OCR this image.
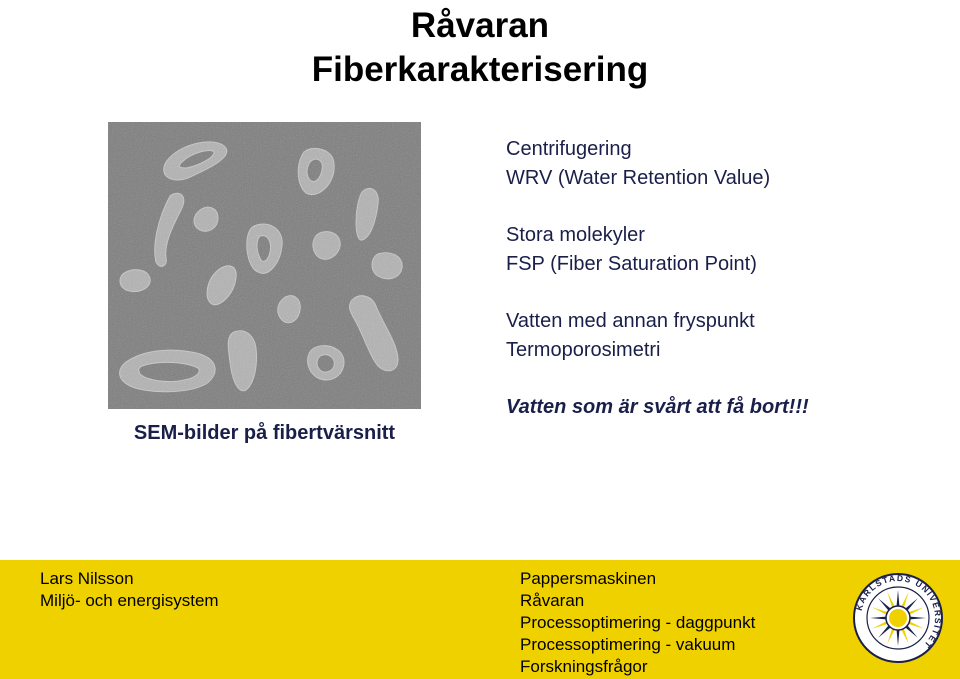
Råvaran
Fiberkarakterisering
SEM-bilder på fibertvärsnitt
Centrifugering
WRV (Water Retention Value)
Stora molekyler
FSP (Fiber Saturation Point)
Vatten med annan fryspunkt
Termoporosimetri
Vatten som är svårt att få bort!!!
Lars Nilsson
Miljö- och energisystem
Pappersmaskinen
Råvaran
Processoptimering - daggpunkt
Processoptimering - vakuum
Forskningsfrågor
KARLSTADS UNIVERSITET
